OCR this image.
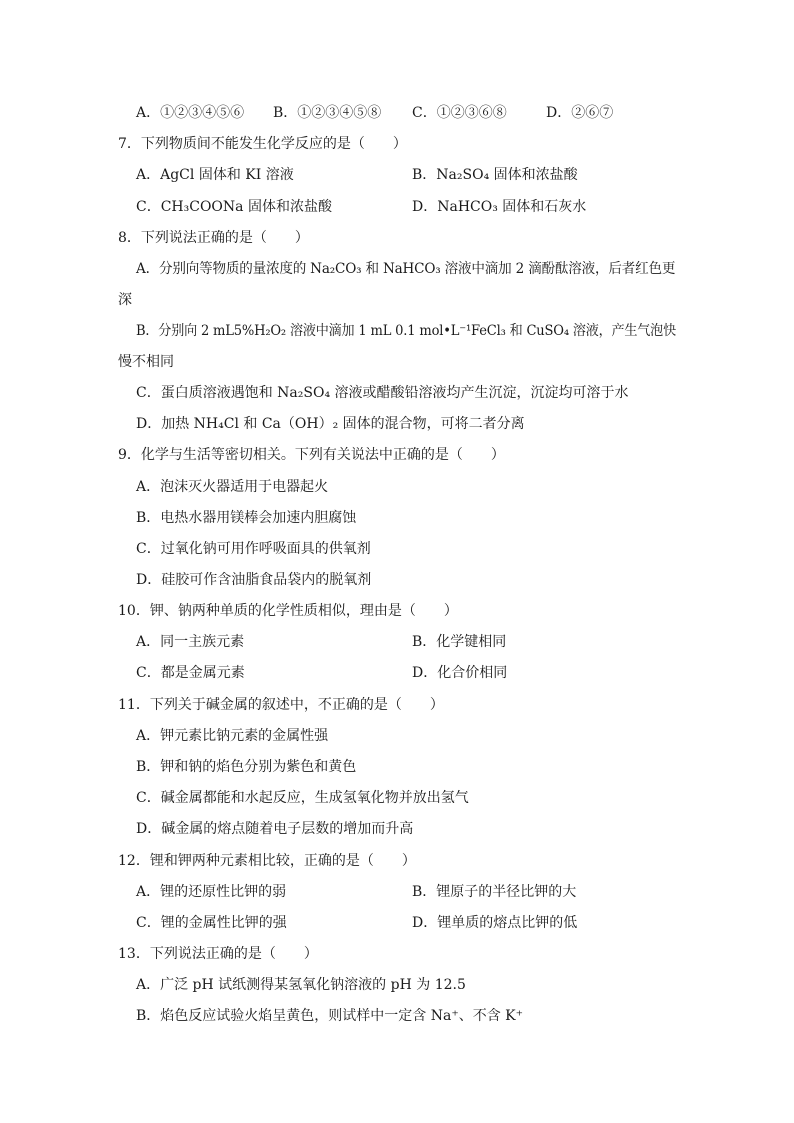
A．①②③④⑤⑥ B．①②③④⑤⑧ C．①②③⑥⑧	D．②⑥⑦
7．下列物质间不能发生化学反应的是（　　）
A．AgCl 固体和 KI 溶液	B．Na₂SO₄ 固体和浓盐酸
C．CH₃COONa 固体和浓盐酸	D．NaHCO₃ 固体和石灰水
8．下列说法正确的是（　　）
A．分别向等物质的量浓度的 Na₂CO₃ 和 NaHCO₃ 溶液中滴加 2 滴酚酞溶液，后者红色更
深
B．分别向 2 mL5%H₂O₂ 溶液中滴加 1 mL 0.1 mol•L⁻¹FeCl₃ 和 CuSO₄ 溶液，产生气泡快
慢不相同
C．蛋白质溶液遇饱和 Na₂SO₄ 溶液或醋酸铅溶液均产生沉淀，沉淀均可溶于水
D．加热 NH₄Cl 和 Ca（OH）₂ 固体的混合物，可将二者分离
9．化学与生活等密切相关。下列有关说法中正确的是（　　）
A．泡沫灭火器适用于电器起火
B．电热水器用镁棒会加速内胆腐蚀
C．过氧化钠可用作呼吸面具的供氧剂
D．硅胶可作含油脂食品袋内的脱氧剂
10．钾、钠两种单质的化学性质相似，理由是（　　）
A．同一主族元素	B．化学键相同
C．都是金属元素	D．化合价相同
11．下列关于碱金属的叙述中，不正确的是（　　）
A．钾元素比钠元素的金属性强
B．钾和钠的焰色分别为紫色和黄色
C．碱金属都能和水起反应，生成氢氧化物并放出氢气
D．碱金属的熔点随着电子层数的增加而升高
12．锂和钾两种元素相比较，正确的是（　　）
A．锂的还原性比钾的弱	B．锂原子的半径比钾的大
C．锂的金属性比钾的强	D．锂单质的熔点比钾的低
13．下列说法正确的是（　　）
A．广泛 pH 试纸测得某氢氧化钠溶液的 pH 为 12.5
B．焰色反应试验火焰呈黄色，则试样中一定含 Na⁺、不含 K⁺
